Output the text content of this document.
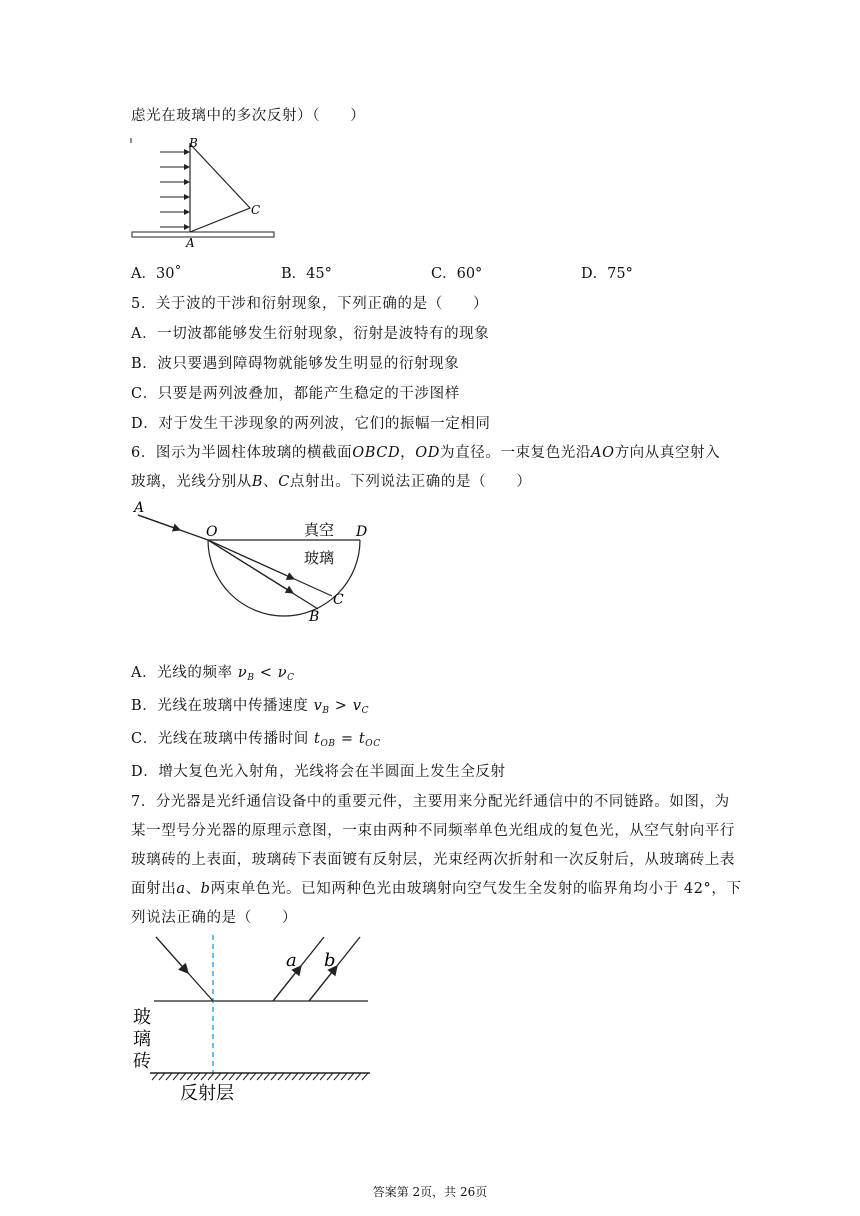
虑光在玻璃中的多次反射）（　　）
B
C
A
A．30˚	B．45°	C．60°	D．75°
5．关于波的干涉和衍射现象，下列正确的是（　　）
A．一切波都能够发生衍射现象，衍射是波特有的现象
B．波只要遇到障碍物就能够发生明显的衍射现象
C．只要是两列波叠加，都能产生稳定的干涉图样
D．对于发生干涉现象的两列波，它们的振幅一定相同
6．图示为半圆柱体玻璃的横截面OBCD，OD为直径。一束复色光沿AO方向从真空射入
玻璃，光线分别从B、C点射出。下列说法正确的是（　　）
A
O	真空 D
玻璃
C
B
A．光线的频率 $\nu_B < \nu_C$
B．光线在玻璃中传播速度 $v_B > v_C$
C．光线在玻璃中传播时间 $t_{OB} = t_{OC}$
D．增大复色光入射角，光线将会在半圆面上发生全反射
7．分光器是光纤通信设备中的重要元件，主要用来分配光纤通信中的不同链路。如图，为
某一型号分光器的原理示意图，一束由两种不同频率单色光组成的复色光，从空气射向平行
玻璃砖的上表面，玻璃砖下表面镀有反射层，光束经两次折射和一次反射后，从玻璃砖上表
面射出a、b两束单色光。已知两种色光由玻璃射向空气发生全发射的临界角均小于 42°，下
列说法正确的是（　　）
a b
玻
璃
砖
反射层
答案第 2页，共 26页
